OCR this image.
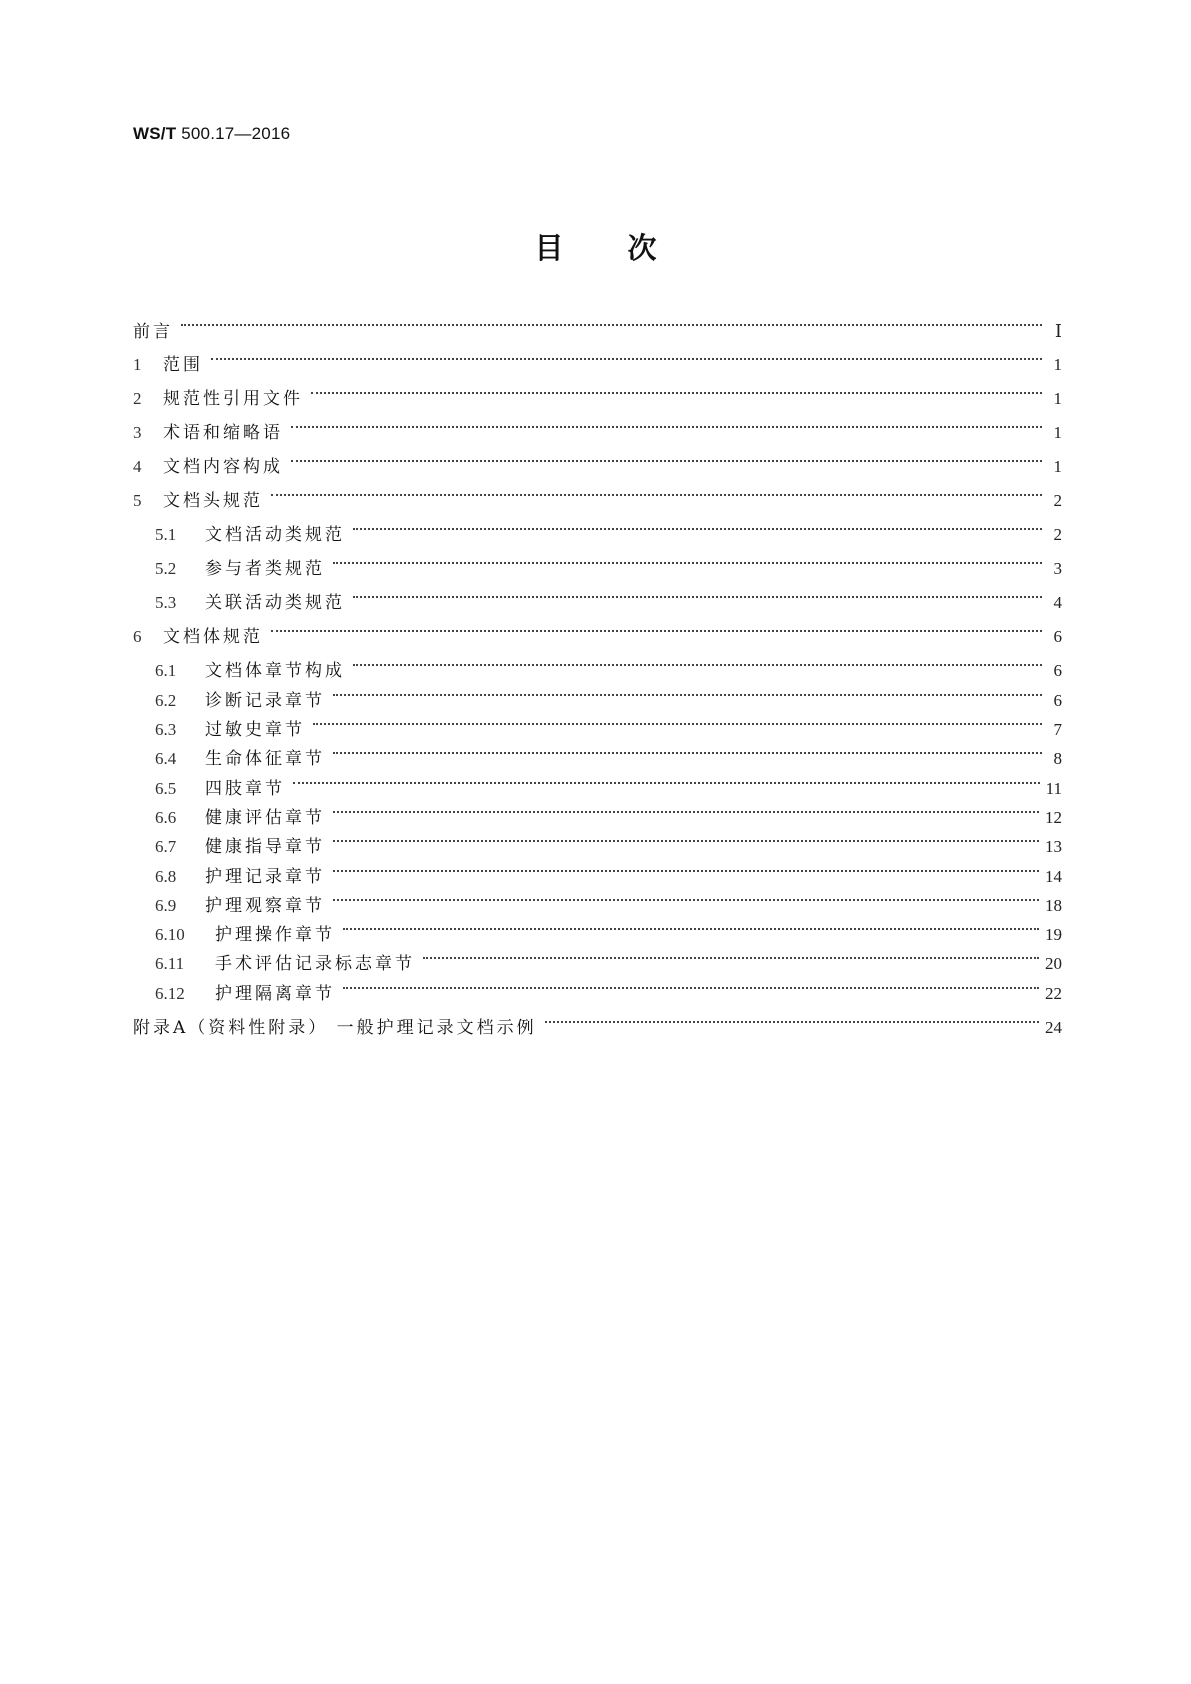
WS/T 500.17—2016
目次
前言	Ⅰ
1	范围	1
2	规范性引用文件	1
3	术语和缩略语	1
4	文档内容构成	1
5	文档头规范	2
5.1	文档活动类规范	2
5.2	参与者类规范	3
5.3	关联活动类规范	4
6	文档体规范	6
6.1	文档体章节构成	6
6.2	诊断记录章节	6
6.3	过敏史章节	7
6.4	生命体征章节	8
6.5	四肢章节	11
6.6	健康评估章节	12
6.7	健康指导章节	13
6.8	护理记录章节	14
6.9	护理观察章节	18
6.10	护理操作章节	19
6.11	手术评估记录标志章节	20
6.12	护理隔离章节	22
附录A（资料性附录） 一般护理记录文档示例	24
